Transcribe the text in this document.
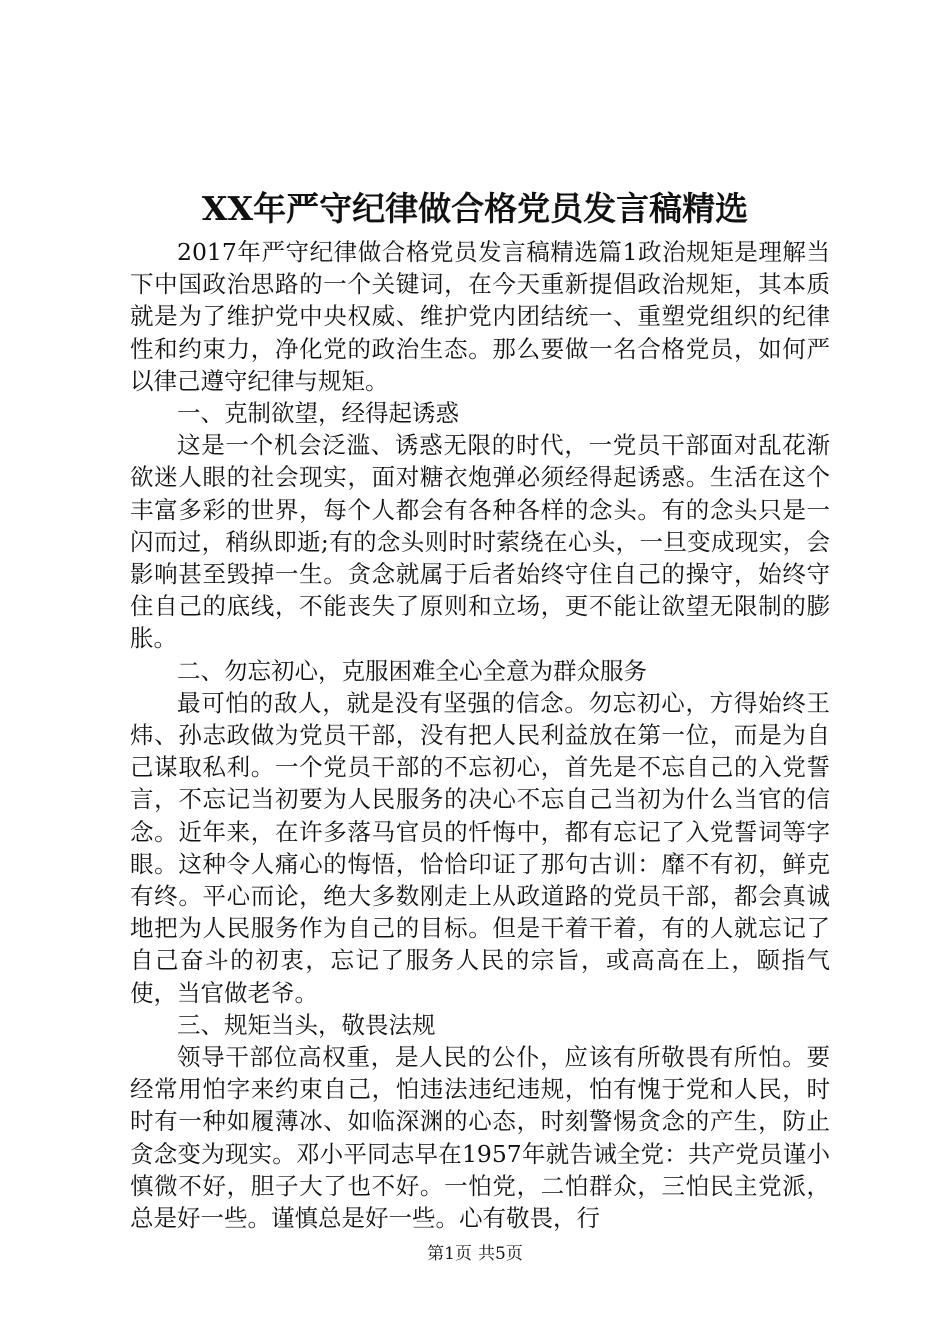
XX年严守纪律做合格党员发言稿精选

2017年严守纪律做合格党员发言稿精选篇1政治规矩是理解当下中国政治思路的一个关键词，在今天重新提倡政治规矩，其本质就是为了维护党中央权威、维护党内团结统一、重塑党组织的纪律性和约束力，净化党的政治生态。那么要做一名合格党员，如何严以律己遵守纪律与规矩。

一、克制欲望，经得起诱惑

这是一个机会泛滥、诱惑无限的时代，一党员干部面对乱花渐欲迷人眼的社会现实，面对糖衣炮弹必须经得起诱惑。生活在这个丰富多彩的世界，每个人都会有各种各样的念头。有的念头只是一闪而过，稍纵即逝;有的念头则时时萦绕在心头，一旦变成现实，会影响甚至毁掉一生。贪念就属于后者始终守住自己的操守，始终守住自己的底线，不能丧失了原则和立场，更不能让欲望无限制的膨胀。

二、勿忘初心，克服困难全心全意为群众服务

最可怕的敌人，就是没有坚强的信念。勿忘初心，方得始终王炜、孙志政做为党员干部，没有把人民利益放在第一位，而是为自己谋取私利。一个党员干部的不忘初心，首先是不忘自己的入党誓言，不忘记当初要为人民服务的决心不忘自己当初为什么当官的信念。近年来，在许多落马官员的忏悔中，都有忘记了入党誓词等字眼。这种令人痛心的悔悟，恰恰印证了那句古训：靡不有初，鲜克有终。平心而论，绝大多数刚走上从政道路的党员干部，都会真诚地把为人民服务作为自己的目标。但是干着干着，有的人就忘记了自己奋斗的初衷，忘记了服务人民的宗旨，或高高在上，颐指气使，当官做老爷。

三、规矩当头，敬畏法规

领导干部位高权重，是人民的公仆，应该有所敬畏有所怕。要经常用怕字来约束自己，怕违法违纪违规，怕有愧于党和人民，时时有一种如履薄冰、如临深渊的心态，时刻警惕贪念的产生，防止贪念变为现实。邓小平同志早在1957年就告诫全党：共产党员谨小慎微不好，胆子大了也不好。一怕党，二怕群众，三怕民主党派，总是好一些。谨慎总是好一些。心有敬畏，行

第1页 共5页
